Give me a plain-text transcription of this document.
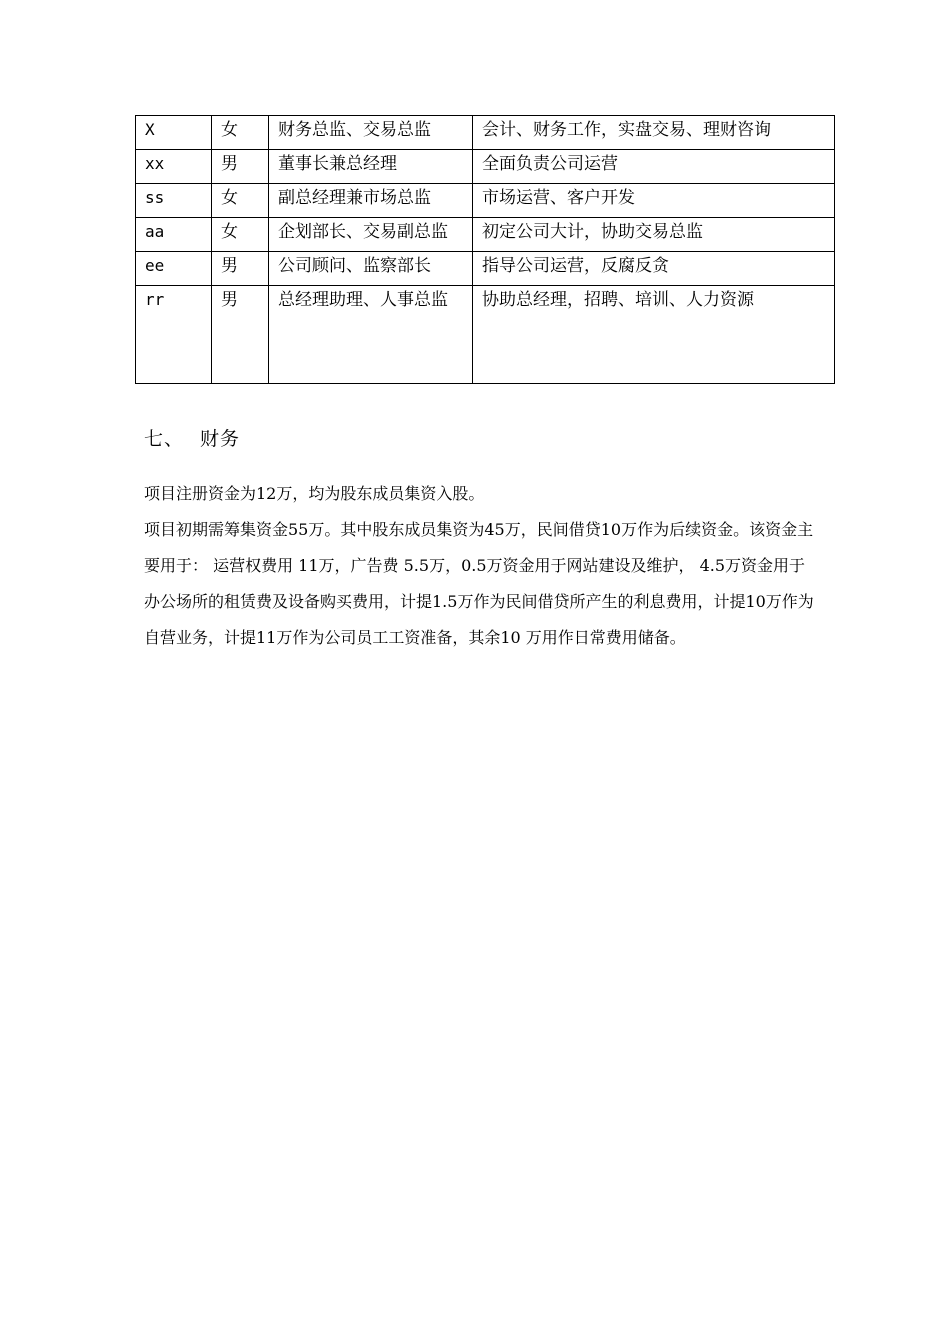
X	女	财务总监、交易总监	会计、财务工作，实盘交易、理财咨询
xx	男	董事长兼总经理	全面负责公司运营
ss	女	副总经理兼市场总监	市场运营、客户开发
aa	女	企划部长、交易副总监	初定公司大计，协助交易总监
ee	男	公司顾问、监察部长	指导公司运营，反腐反贪
rr	男	总经理助理、人事总监	协助总经理，招聘、培训、人力资源
七、 财务

项目注册资金为12万，均为股东成员集资入股。

项目初期需筹集资金55万。其中股东成员集资为45万，民间借贷10万作为后续资金。该资金主要用于： 运营权费用 11万，广告费 5.5万，0.5万资金用于网站建设及维护， 4.5万资金用于办公场所的租赁费及设备购买费用，计提1.5万作为民间借贷所产生的利息费用，计提10万作为自营业务，计提11万作为公司员工工资准备，其余10 万用作日常费用储备。
